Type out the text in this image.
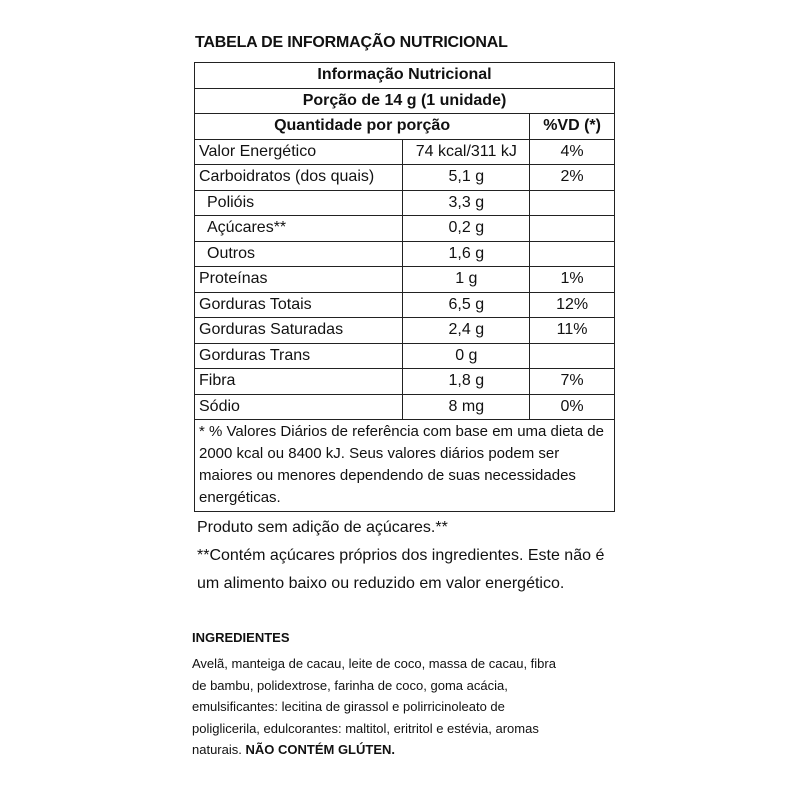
TABELA DE INFORMAÇÃO NUTRICIONAL
Informação Nutricional		
Porção de 14 g (1 unidade)		
Quantidade por porção		%VD (*)
Valor Energético	74 kcal/311 kJ	4%
Carboidratos (dos quais)	5,1 g	2%
Polióis	3,3 g	
Açúcares**	0,2 g	
Outros	1,6 g	
Proteínas	1 g	1%
Gorduras Totais	6,5 g	12%
Gorduras Saturadas	2,4 g	11%
Gorduras Trans	0 g	
Fibra	1,8 g	7%
Sódio	8 mg	0%
* % Valores Diários de referência com base em uma dieta de 2000 kcal ou 8400 kJ. Seus valores diários podem ser maiores ou menores dependendo de suas necessidades energéticas.		
Produto sem adição de açúcares.**
**Contém açúcares próprios dos ingredientes. Este não é um alimento baixo ou reduzido em valor energético.
INGREDIENTES
Avelã, manteiga de cacau, leite de coco, massa de cacau, fibra de bambu, polidextrose, farinha de coco, goma acácia, emulsificantes: lecitina de girassol e polirricinoleato de poliglicerila, edulcorantes: maltitol, eritritol e estévia, aromas naturais. NÃO CONTÉM GLÚTEN.
